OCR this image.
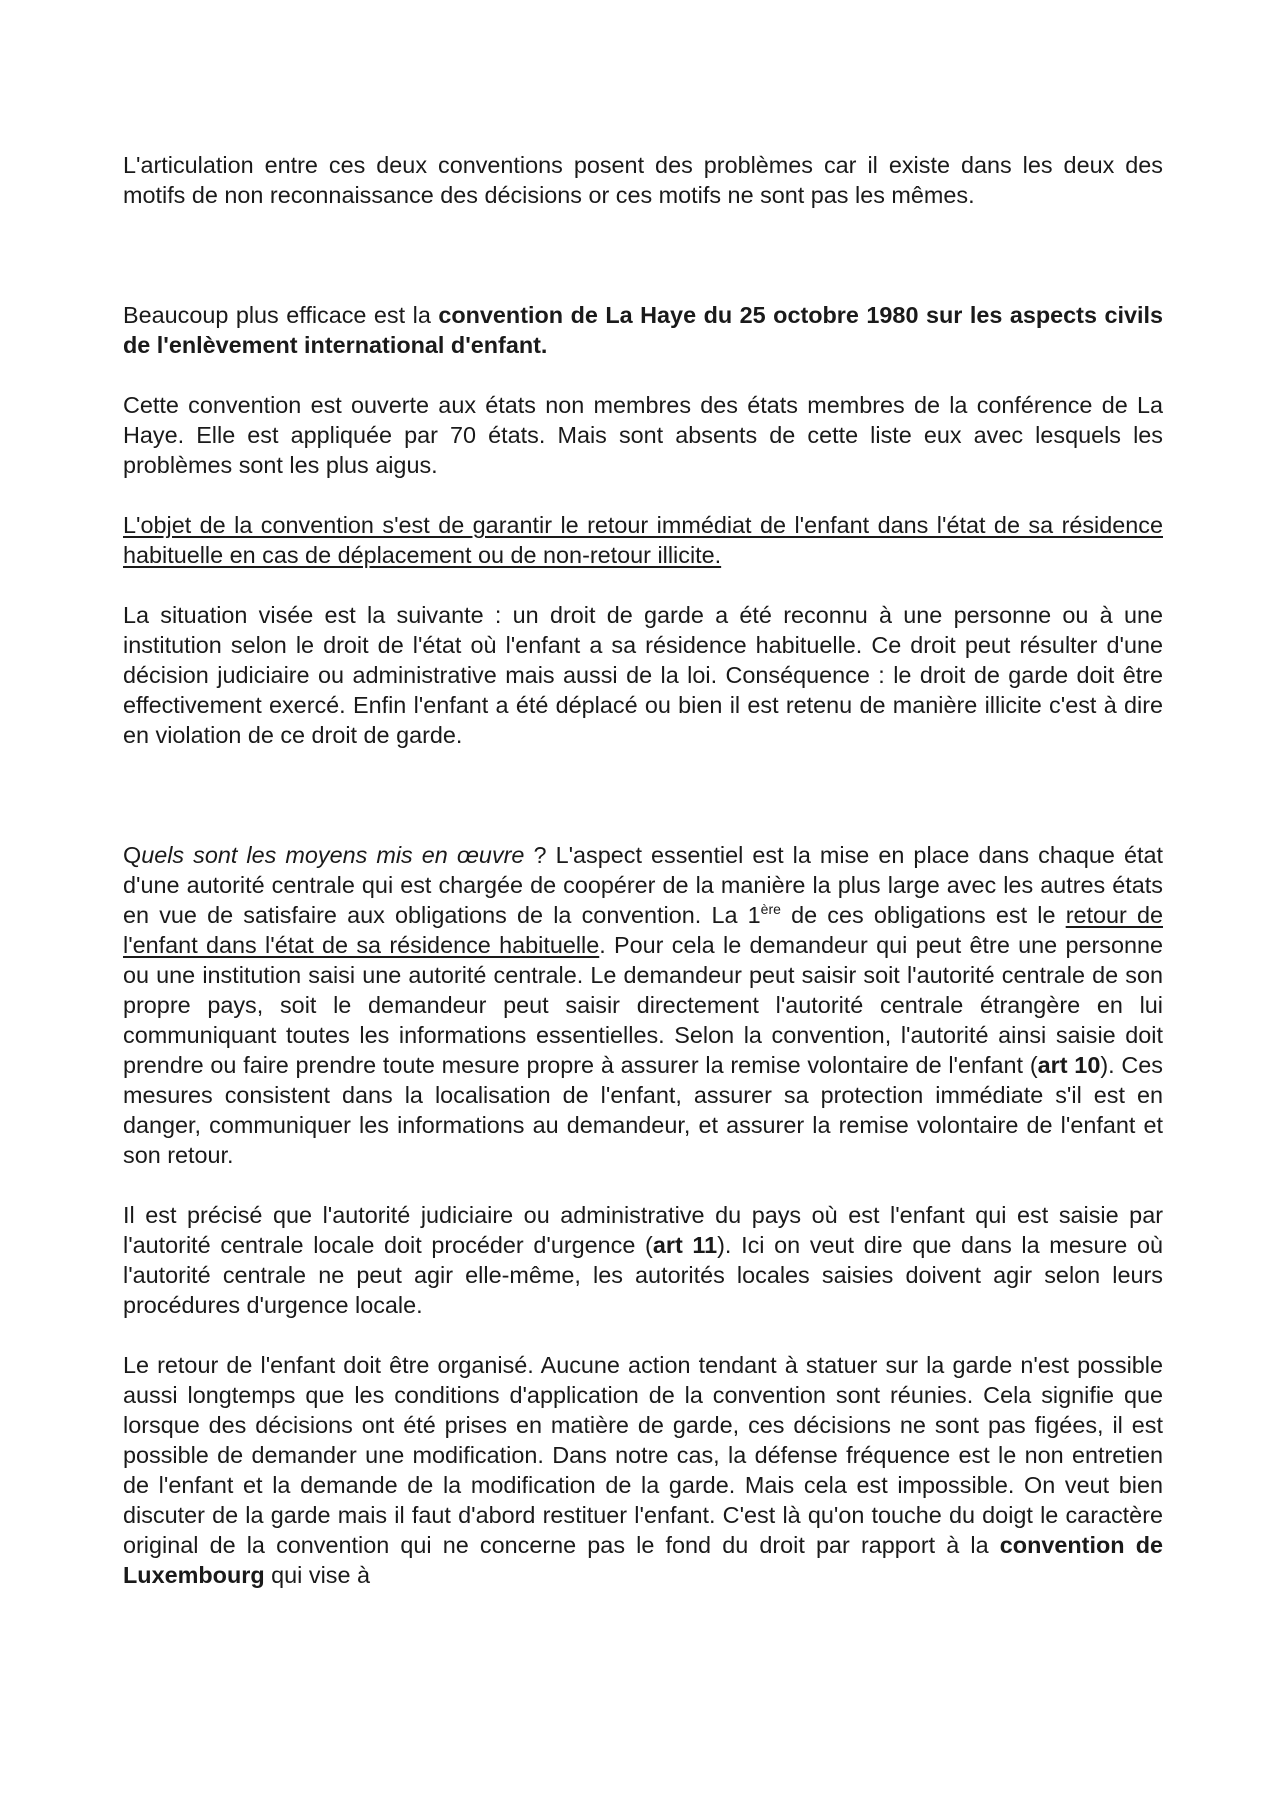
L'articulation entre ces deux conventions posent des problèmes car il existe dans les deux des motifs de non reconnaissance des décisions or ces motifs ne sont pas les mêmes.

Beaucoup plus efficace est la convention de La Haye du 25 octobre 1980 sur les aspects civils de l'enlèvement international d'enfant.

Cette convention est ouverte aux états non membres des états membres de la conférence de La Haye. Elle est appliquée par 70 états. Mais sont absents de cette liste eux avec lesquels les problèmes sont les plus aigus.

L'objet de la convention s'est de garantir le retour immédiat de l'enfant dans l'état de sa résidence habituelle en cas de déplacement ou de non-retour illicite.

La situation visée est la suivante : un droit de garde a été reconnu à une personne ou à une institution selon le droit de l'état où l'enfant a sa résidence habituelle. Ce droit peut résulter d'une décision judiciaire ou administrative mais aussi de la loi. Conséquence : le droit de garde doit être effectivement exercé. Enfin l'enfant a été déplacé ou bien il est retenu de manière illicite c'est à dire en violation de ce droit de garde.

Quels sont les moyens mis en œuvre ? L'aspect essentiel est la mise en place dans chaque état d'une autorité centrale qui est chargée de coopérer de la manière la plus large avec les autres états en vue de satisfaire aux obligations de la convention. La 1ère de ces obligations est le retour de l'enfant dans l'état de sa résidence habituelle. Pour cela le demandeur qui peut être une personne ou une institution saisi une autorité centrale. Le demandeur peut saisir soit l'autorité centrale de son propre pays, soit le demandeur peut saisir directement l'autorité centrale étrangère en lui communiquant toutes les informations essentielles. Selon la convention, l'autorité ainsi saisie doit prendre ou faire prendre toute mesure propre à assurer la remise volontaire de l'enfant (art 10). Ces mesures consistent dans la localisation de l'enfant, assurer sa protection immédiate s'il est en danger, communiquer les informations au demandeur, et assurer la remise volontaire de l'enfant et son retour.

Il est précisé que l'autorité judiciaire ou administrative du pays où est l'enfant qui est saisie par l'autorité centrale locale doit procéder d'urgence (art 11). Ici on veut dire que dans la mesure où l'autorité centrale ne peut agir elle-même, les autorités locales saisies doivent agir selon leurs procédures d'urgence locale.

Le retour de l'enfant doit être organisé. Aucune action tendant à statuer sur la garde n'est possible aussi longtemps que les conditions d'application de la convention sont réunies. Cela signifie que lorsque des décisions ont été prises en matière de garde, ces décisions ne sont pas figées, il est possible de demander une modification. Dans notre cas, la défense fréquence est le non entretien de l'enfant et la demande de la modification de la garde. Mais cela est impossible. On veut bien discuter de la garde mais il faut d'abord restituer l'enfant. C'est là qu'on touche du doigt le caractère original de la convention qui ne concerne pas le fond du droit par rapport à la convention de Luxembourg qui vise à
